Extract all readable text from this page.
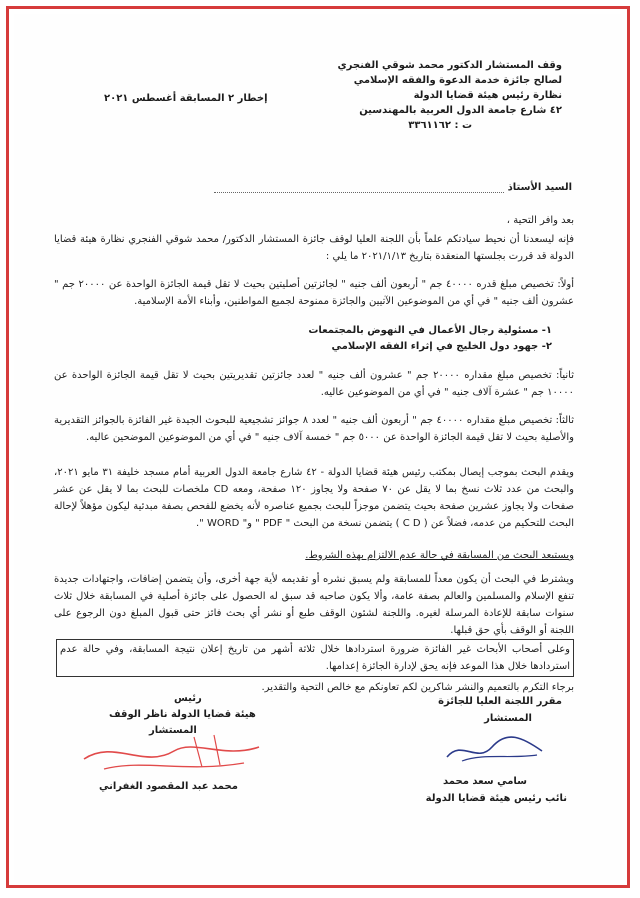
وقف المستشار الدكتور محمد شوقي الفنجري
لصالح جائزة خدمة الدعوة والفقه الإسلامي
نظارة رئيس هيئة قضايا الدولة
٤٢ شارع جامعة الدول العربية بالمهندسين
ت : ٣٣٦١١٦٢
إخطار ٢ المسابقة أغسطس ٢٠٢١
السيد الأستاذ
بعد وافر التحية ،
فإنه ليسعدنا أن نحيط سيادتكم علماً بأن اللجنة العليا لوقف جائزة المستشار الدكتور/ محمد شوقي الفنجري نظارة هيئة قضايا الدولة قد قررت بجلستها المنعقدة بتاريخ ٢٠٢١/١/١٣ ما يلي :
أولاً: تخصيص مبلغ قدره ٤٠٠٠٠ جم " أربعون ألف جنيه " لجائزتين أصليتين بحيث لا تقل قيمة الجائزة الواحدة عن ٢٠٠٠٠ جم " عشرون ألف جنيه " في أي من الموضوعين الآتيين والجائزة ممنوحة لجميع المواطنين، وأبناء الأمة الإسلامية.
١- مسئولية رجال الأعمال في النهوض بالمجتمعات
٢- جهود دول الخليج في إثراء الفقه الإسلامي
ثانياً: تخصيص مبلغ مقداره ٢٠٠٠٠ جم " عشرون ألف جنيه " لعدد جائزتين تقديريتين بحيث لا تقل قيمة الجائزة الواحدة عن ١٠٠٠٠ جم " عشرة آلاف جنيه " في أي من الموضوعين عاليه.
ثالثاً: تخصيص مبلغ مقداره ٤٠٠٠٠ جم " أربعون ألف جنيه " لعدد ٨ جوائز تشجيعية للبحوث الجيدة غير الفائزة بالجوائز التقديرية والأصلية بحيث لا تقل قيمة الجائزة الواحدة عن ٥٠٠٠ جم " خمسة آلاف جنيه " في أي من الموضوعين الموضحين عاليه.
ويقدم البحث بموجب إيصال بمكتب رئيس هيئة قضايا الدولة - ٤٢ شارع جامعة الدول العربية أمام مسجد خليفة ٣١ مايو ٢٠٢١، والبحث من عدد ثلاث نسخ بما لا يقل عن ٧٠ صفحة ولا يجاوز ١٢٠ صفحة، ومعه CD ملخصات للبحث بما لا يقل عن عشر صفحات ولا يجاوز عشرين صفحة بحيث يتضمن موجزاً للبحث بجميع عناصره لأنه يخضع للفحص بصفة مبدئية ليكون مؤهلاً لإحالة البحث للتحكيم من عدمه، فضلاً عن ( C D ) يتضمن نسخة من البحث " PDF " و" WORD ".
ويستبعد البحث من المسابقة في حالة عدم الالتزام بهذه الشروط.
ويشترط في البحث أن يكون معداً للمسابقة ولم يسبق نشره أو تقديمه لأية جهة أخرى، وأن يتضمن إضافات، واجتهادات جديدة تنفع الإسلام والمسلمين والعالم بصفة عامة، وألا يكون صاحبه قد سبق له الحصول على جائزة أصلية في المسابقة خلال ثلاث سنوات سابقة للإعادة المرسلة لغيره. واللجنة لشئون الوقف طبع أو نشر أي بحث فائز حتى قبول المبلغ دون الرجوع على اللجنة أو الوقف بأي حق قبلها.
وعلى أصحاب الأبحاث غير الفائزة ضرورة استردادها خلال ثلاثة أشهر من تاريخ إعلان نتيجة المسابقة، وفي حالة عدم استردادها خلال هذا الموعد فإنه يحق لإدارة الجائزة إعدامها.
برجاء التكرم بالتعميم والنشر شاكرين لكم تعاونكم مع خالص التحية والتقدير.
مقرر اللجنة العليا للجائزة
المستشار
سامي سعد محمد
نائب رئيس هيئة قضايا الدولة
رئيس
هيئة قضايا الدولة ناظر الوقف
المستشار
محمد عبد المقصود الغفراني
